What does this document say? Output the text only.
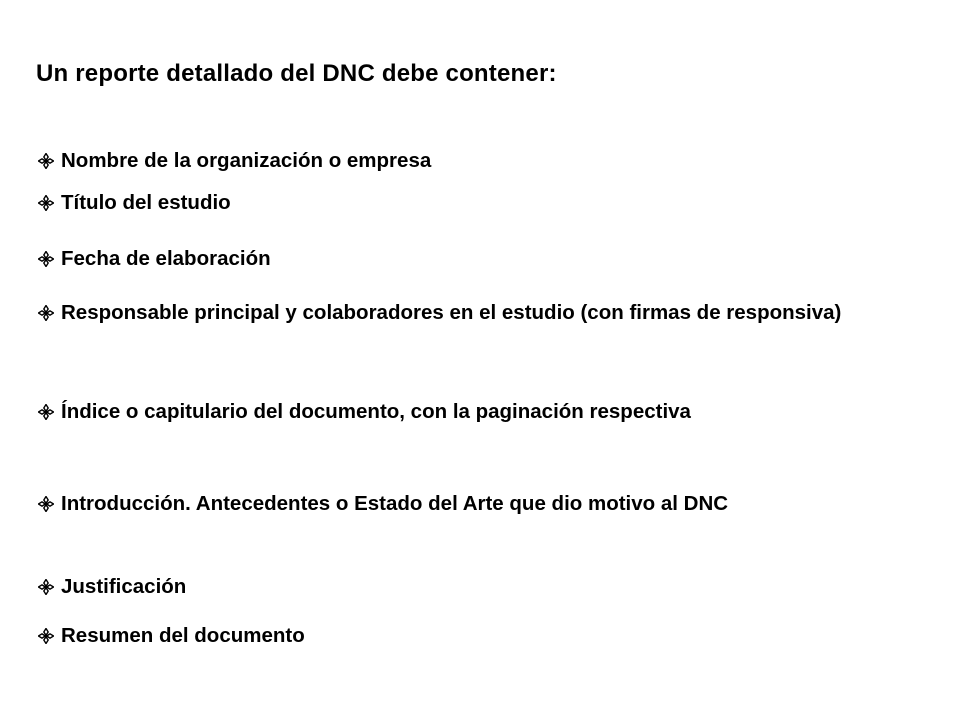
Un reporte detallado del DNC debe contener:
Nombre de la organización o empresa
Título del estudio
Fecha de elaboración
Responsable principal y colaboradores en el estudio (con firmas de responsiva)
Índice o capitulario del documento, con la paginación respectiva
Introducción. Antecedentes o Estado del Arte que dio motivo al DNC
Justificación
Resumen del documento
